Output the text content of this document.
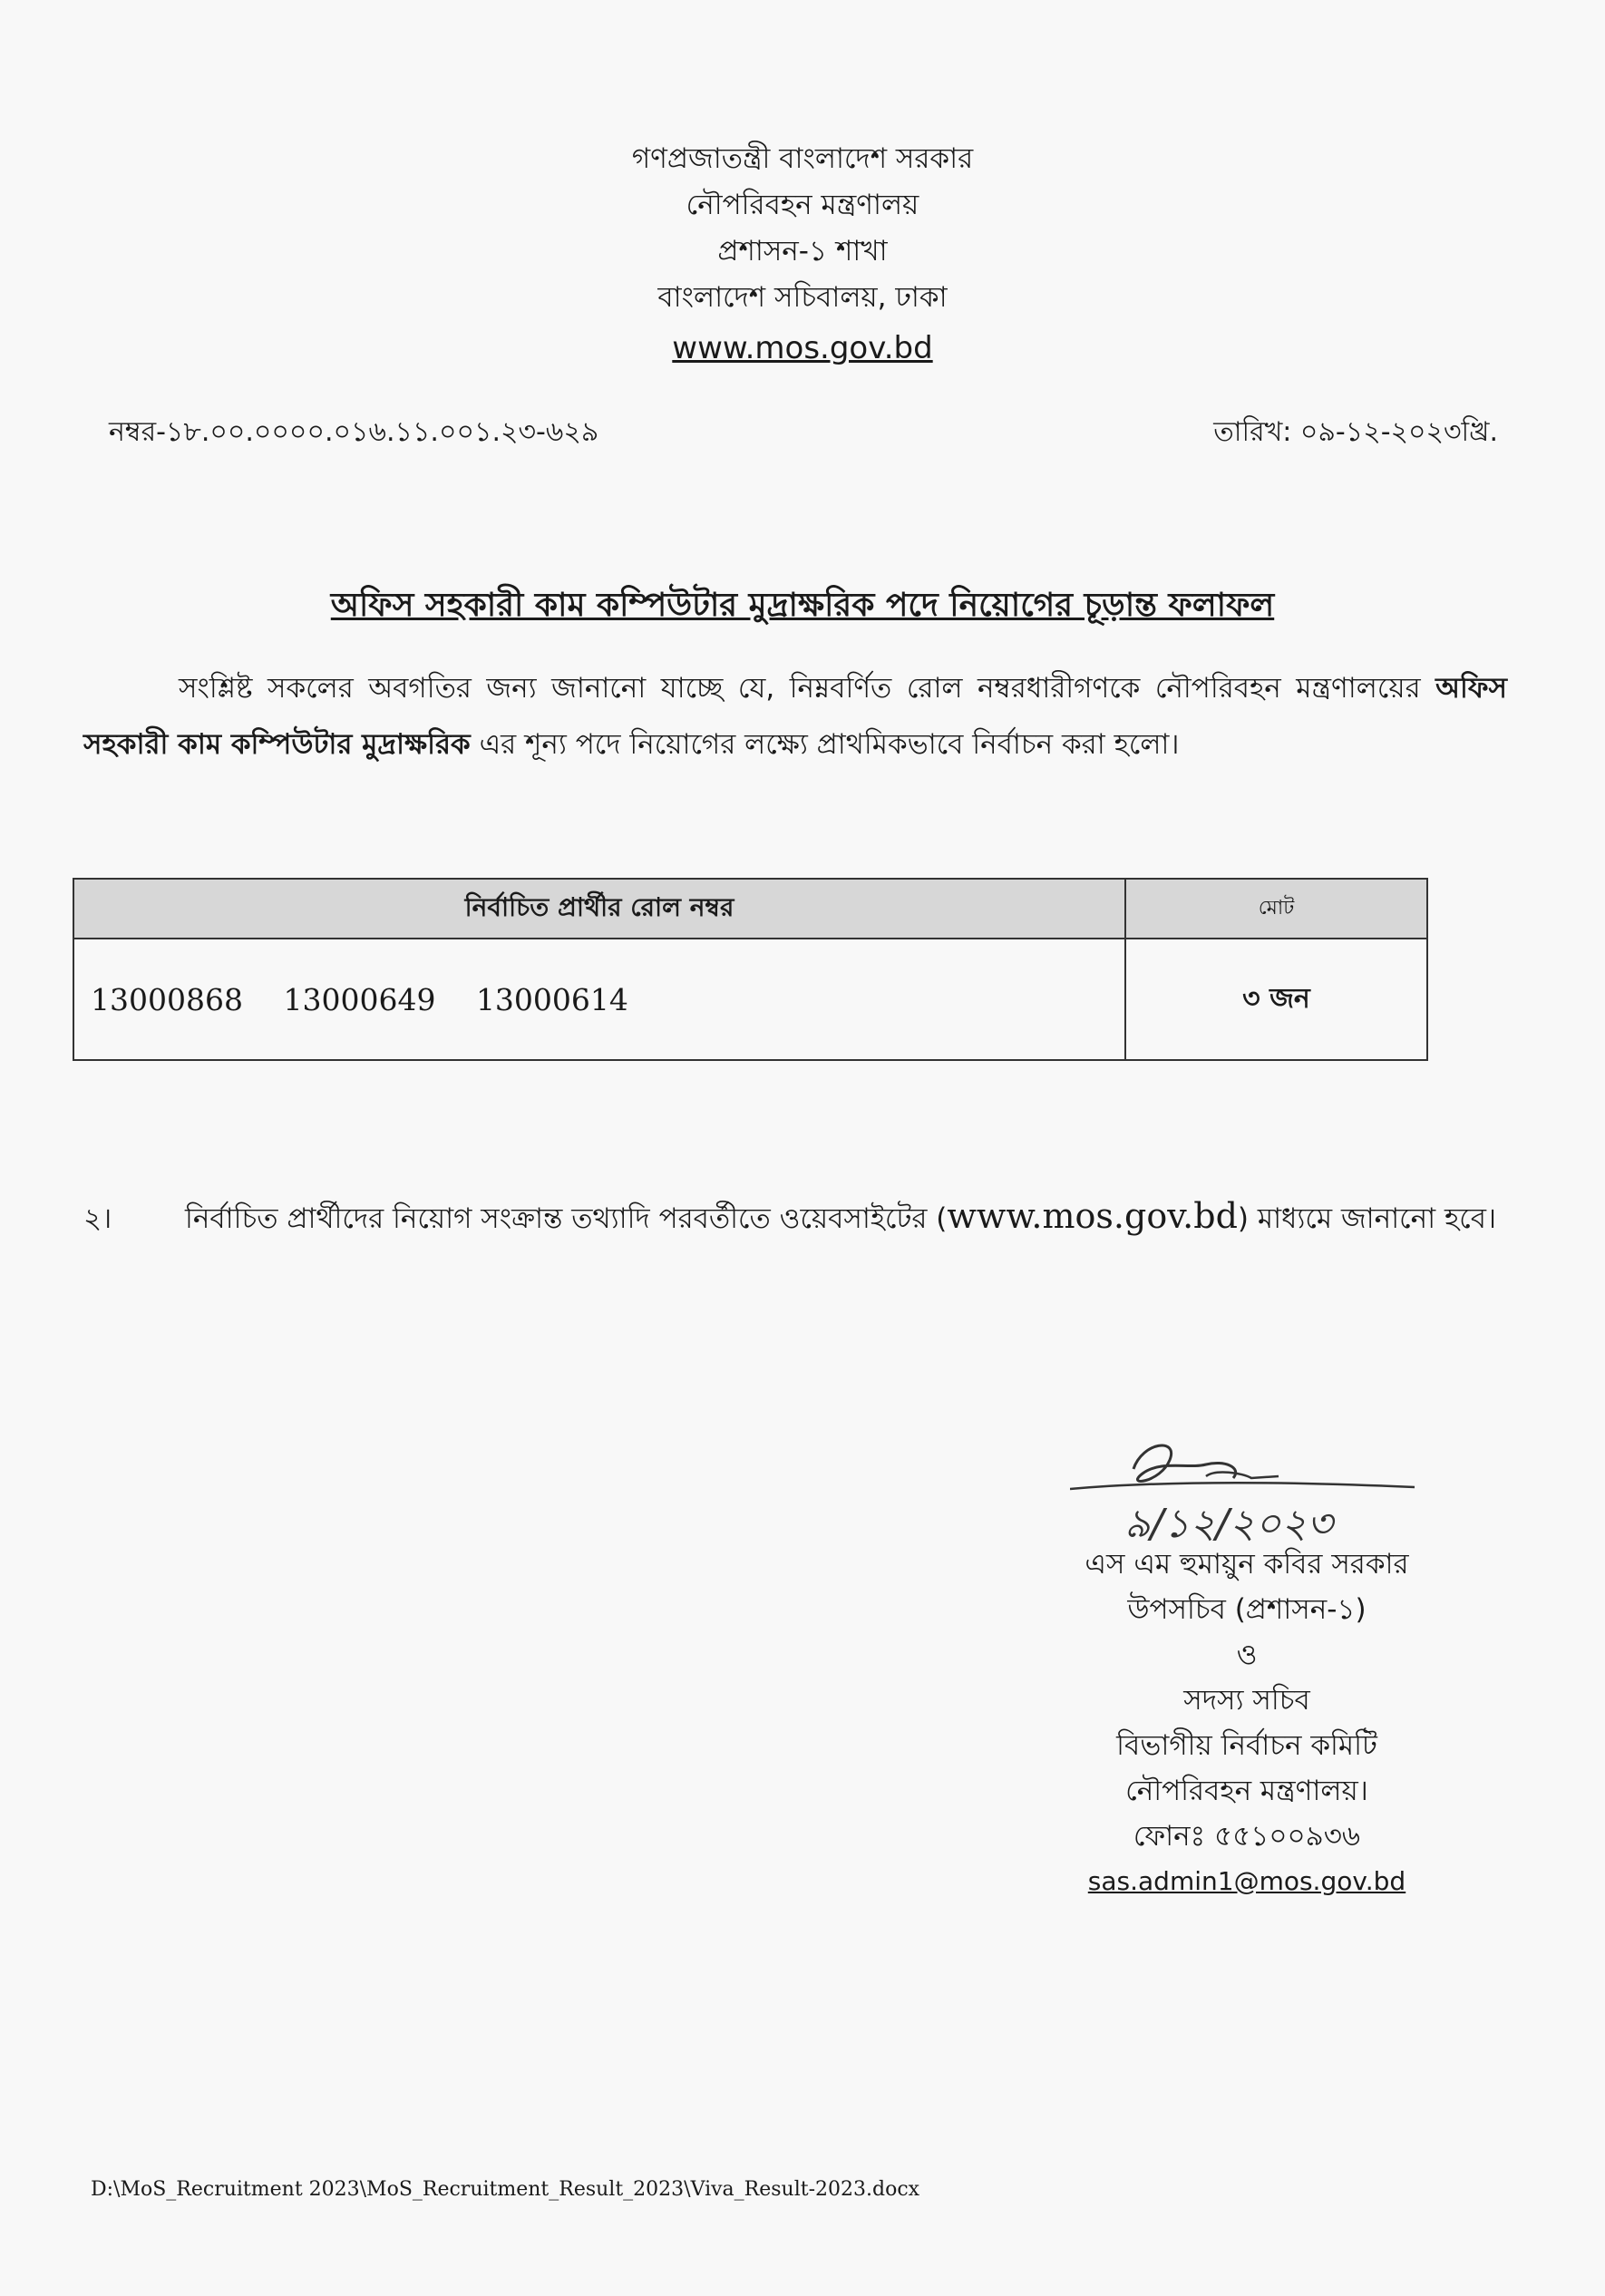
গণপ্রজাতন্ত্রী বাংলাদেশ সরকার
নৌপরিবহন মন্ত্রণালয়
প্রশাসন-১ শাখা
বাংলাদেশ সচিবালয়, ঢাকা
www.mos.gov.bd
নম্বর-১৮.০০.০০০০.০১৬.১১.০০১.২৩-৬২৯	তারিখ: ০৯-১২-২০২৩খ্রি.
অফিস সহকারী কাম কম্পিউটার মুদ্রাক্ষরিক পদে নিয়োগের চূড়ান্ত ফলাফল
সংশ্লিষ্ট সকলের অবগতির জন্য জানানো যাচ্ছে যে, নিম্নবর্ণিত রোল নম্বরধারীগণকে নৌপরিবহন মন্ত্রণালয়ের অফিস সহকারী কাম কম্পিউটার মুদ্রাক্ষরিক এর শূন্য পদে নিয়োগের লক্ষ্যে প্রাথমিকভাবে নির্বাচন করা হলো।
নির্বাচিত প্রার্থীর রোল নম্বর	মোট
13000868 13000649 13000614	৩ জন
২।	নির্বাচিত প্রার্থীদের নিয়োগ সংক্রান্ত তথ্যাদি পরবর্তীতে ওয়েবসাইটের (www.mos.gov.bd) মাধ্যমে জানানো হবে।
৯/১২/২০২৩
এস এম হুমায়ুন কবির সরকার
উপসচিব (প্রশাসন-১)
ও
সদস্য সচিব
বিভাগীয় নির্বাচন কমিটি
নৌপরিবহন মন্ত্রণালয়।
ফোনঃ ৫৫১০০৯৩৬
sas.admin1@mos.gov.bd
D:\MoS_Recruitment 2023\MoS_Recruitment_Result_2023\Viva_Result-2023.docx
